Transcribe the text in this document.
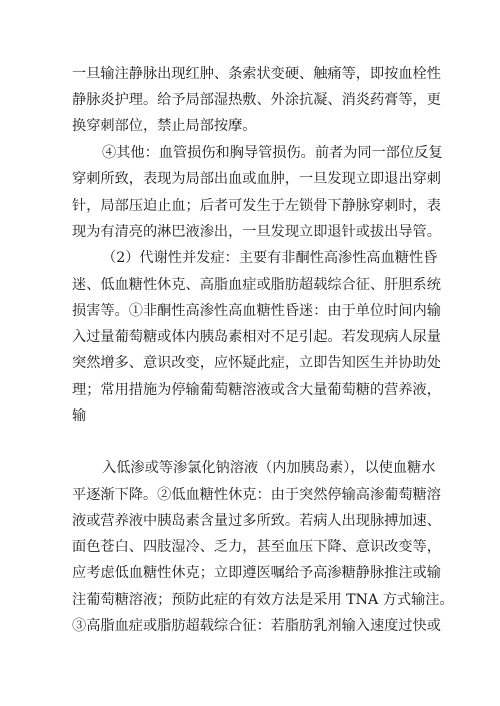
一旦输注静脉出现红肿、条索状变硬、触痛等，即按血栓性
静脉炎护理。给予局部湿热敷、外涂抗凝、消炎药膏等，更
换穿刺部位，禁止局部按摩。
④其他：血管损伤和胸导管损伤。前者为同一部位反复
穿刺所致，表现为局部出血或血肿，一旦发现立即退出穿刺
针，局部压迫止血；后者可发生于左锁骨下静脉穿刺时，表
现为有清亮的淋巴液渗出，一旦发现立即退针或拔出导管。
（2）代谢性并发症：主要有非酮性高渗性高血糖性昏
迷、低血糖性休克、高脂血症或脂肪超载综合征、肝胆系统
损害等。①非酮性高渗性高血糖性昏迷：由于单位时间内输
入过量葡萄糖或体内胰岛素相对不足引起。若发现病人尿量
突然增多、意识改变，应怀疑此症，立即告知医生并协助处
理；常用措施为停输葡萄糖溶液或含大量葡萄糖的营养液，
输
入低渗或等渗氯化钠溶液（内加胰岛素），以使血糖水
平逐渐下降。②低血糖性休克：由于突然停输高渗葡萄糖溶
液或营养液中胰岛素含量过多所致。若病人出现脉搏加速、
面色苍白、四肢湿冷、乏力，甚至血压下降、意识改变等，
应考虑低血糖性休克；立即遵医嘱给予高渗糖静脉推注或输
注葡萄糖溶液；预防此症的有效方法是采用 TNA 方式输注。
③高脂血症或脂肪超载综合征：若脂肪乳剂输入速度过快或
